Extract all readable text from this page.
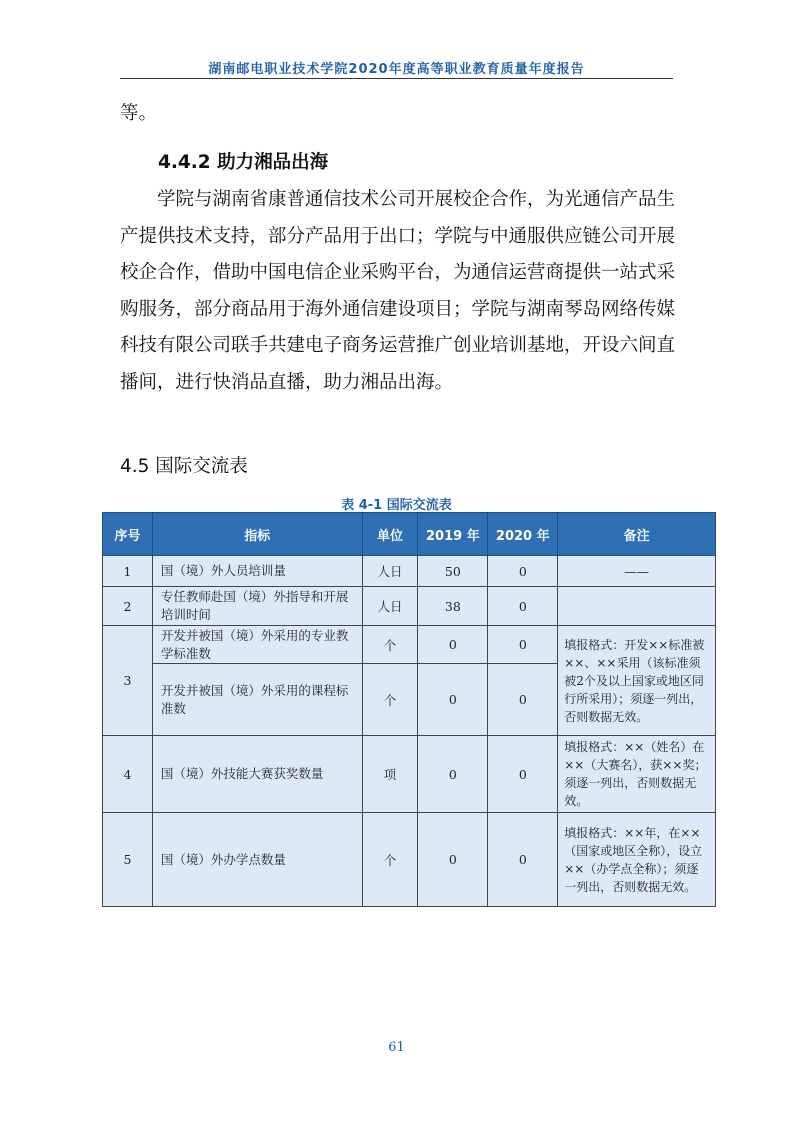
湖南邮电职业技术学院2020年度高等职业教育质量年度报告
等。
4.4.2 助力湘品出海
学院与湖南省康普通信技术公司开展校企合作，为光通信产品生
产提供技术支持，部分产品用于出口；学院与中通服供应链公司开展
校企合作，借助中国电信企业采购平台，为通信运营商提供一站式采
购服务，部分商品用于海外通信建设项目；学院与湖南琴岛网络传媒
科技有限公司联手共建电子商务运营推广创业培训基地，开设六间直
播间，进行快消品直播，助力湘品出海。
4.5 国际交流表
表 4-1 国际交流表
序号	指标	单位	2019 年	2020 年	备注
1	国（境）外人员培训量	人日	50	0	——
2	专任教师赴国（境）外指导和开展培训时间	人日	38	0	
3	开发并被国（境）外采用的专业教学标准数	个	0	0	填报格式：开发××标准被××、××采用（该标准须被2个及以上国家或地区同行所采用）；须逐一列出，否则数据无效。
	开发并被国（境）外采用的课程标准数	个	0	0	
4	国（境）外技能大赛获奖数量	项	0	0	填报格式：××（姓名）在××（大赛名），获××奖；须逐一列出，否则数据无效。
5	国（境）外办学点数量	个	0	0	填报格式：××年，在××（国家或地区全称），设立××（办学点全称）；须逐一列出，否则数据无效。
61
